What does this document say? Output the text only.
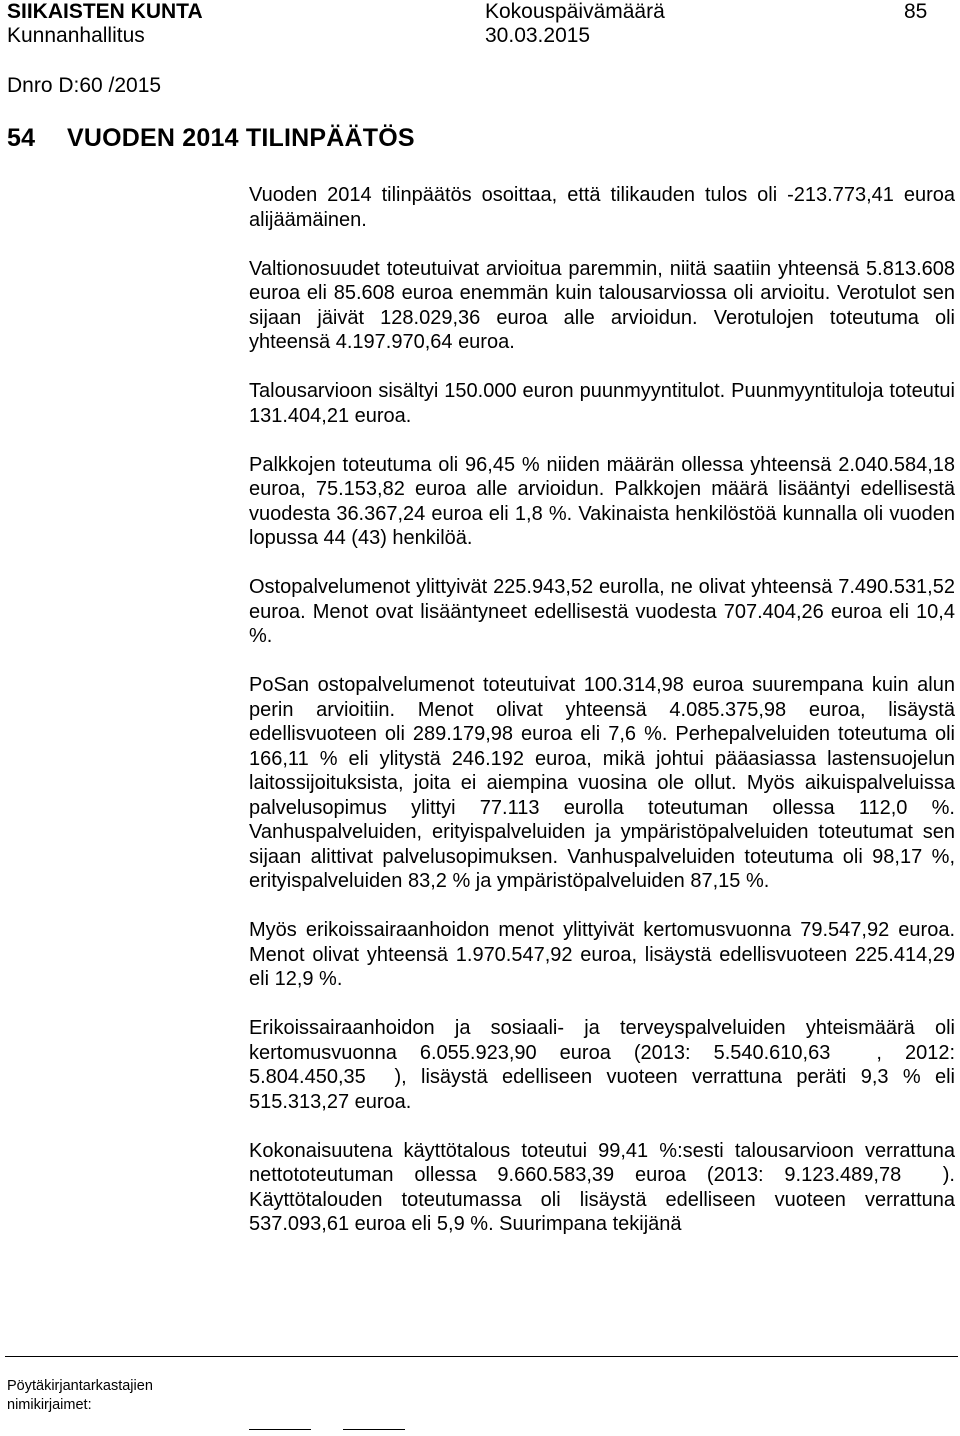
SIIKAISTEN KUNTA	Kokouspäivämäärä	85
Kunnanhallitus	30.03.2015
Dnro D:60 /2015
54 VUODEN 2014 TILINPÄÄTÖS

Vuoden 2014 tilinpäätös osoittaa, että tilikauden tulos oli -213.773,41 euroa alijäämäinen.

Valtionosuudet toteutuivat arvioitua paremmin, niitä saatiin yhteensä 5.813.608 euroa eli 85.608 euroa enemmän kuin talousarviossa oli arvioitu. Verotulot sen sijaan jäivät 128.029,36 euroa alle arvioidun. Verotulojen toteutuma oli yhteensä 4.197.970,64 euroa.

Talousarvioon sisältyi 150.000 euron puunmyyntitulot. Puunmyyntituloja toteutui 131.404,21 euroa.

Palkkojen toteutuma oli 96,45 % niiden määrän ollessa yhteensä 2.040.584,18 euroa, 75.153,82 euroa alle arvioidun. Palkkojen määrä lisääntyi edellisestä vuodesta 36.367,24 euroa eli 1,8 %. Vakinaista henkilöstöä kunnalla oli vuoden lopussa 44 (43) henkilöä.

Ostopalvelumenot ylittyivät 225.943,52 eurolla, ne olivat yhteensä 7.490.531,52 euroa. Menot ovat lisääntyneet edellisestä vuodesta 707.404,26 euroa eli 10,4 %.

PoSan ostopalvelumenot toteutuivat 100.314,98 euroa suurempana kuin alun perin arvioitiin. Menot olivat yhteensä 4.085.375,98 euroa, lisäystä edellisvuoteen oli 289.179,98 euroa eli 7,6 %. Perhepalveluiden toteutuma oli 166,11 % eli ylitystä 246.192 euroa, mikä johtui pääasiassa lastensuojelun laitossijoituksista, joita ei aiempina vuosina ole ollut. Myös aikuispalveluissa palvelusopimus ylittyi 77.113 eurolla toteutuman ollessa 112,0 %. Vanhuspalveluiden, erityispalveluiden ja ympäristöpalveluiden toteutumat sen sijaan alittivat palvelusopimuksen. Vanhuspalveluiden toteutuma oli 98,17 %, erityispalveluiden 83,2 % ja ympäristöpalveluiden 87,15 %.

Myös erikoissairaanhoidon menot ylittyivät kertomusvuonna 79.547,92 euroa. Menot olivat yhteensä 1.970.547,92 euroa, lisäystä edellisvuoteen 225.414,29 eli 12,9 %.

Erikoissairaanhoidon ja sosiaali- ja terveyspalveluiden yhteismäärä oli kertomusvuonna 6.055.923,90 euroa (2013: 5.540.610,63  , 2012: 5.804.450,35  ), lisäystä edelliseen vuoteen verrattuna peräti 9,3 % eli 515.313,27 euroa.

Kokonaisuutena käyttötalous toteutui 99,41 %:sesti talousarvioon verrattuna nettototeutuman ollessa 9.660.583,39 euroa (2013: 9.123.489,78  ). Käyttötalouden toteutumassa oli lisäystä edelliseen vuoteen verrattuna 537.093,61 euroa eli 5,9 %. Suurimpana tekijänä

Pöytäkirjantarkastajien
nimikirjaimet:
